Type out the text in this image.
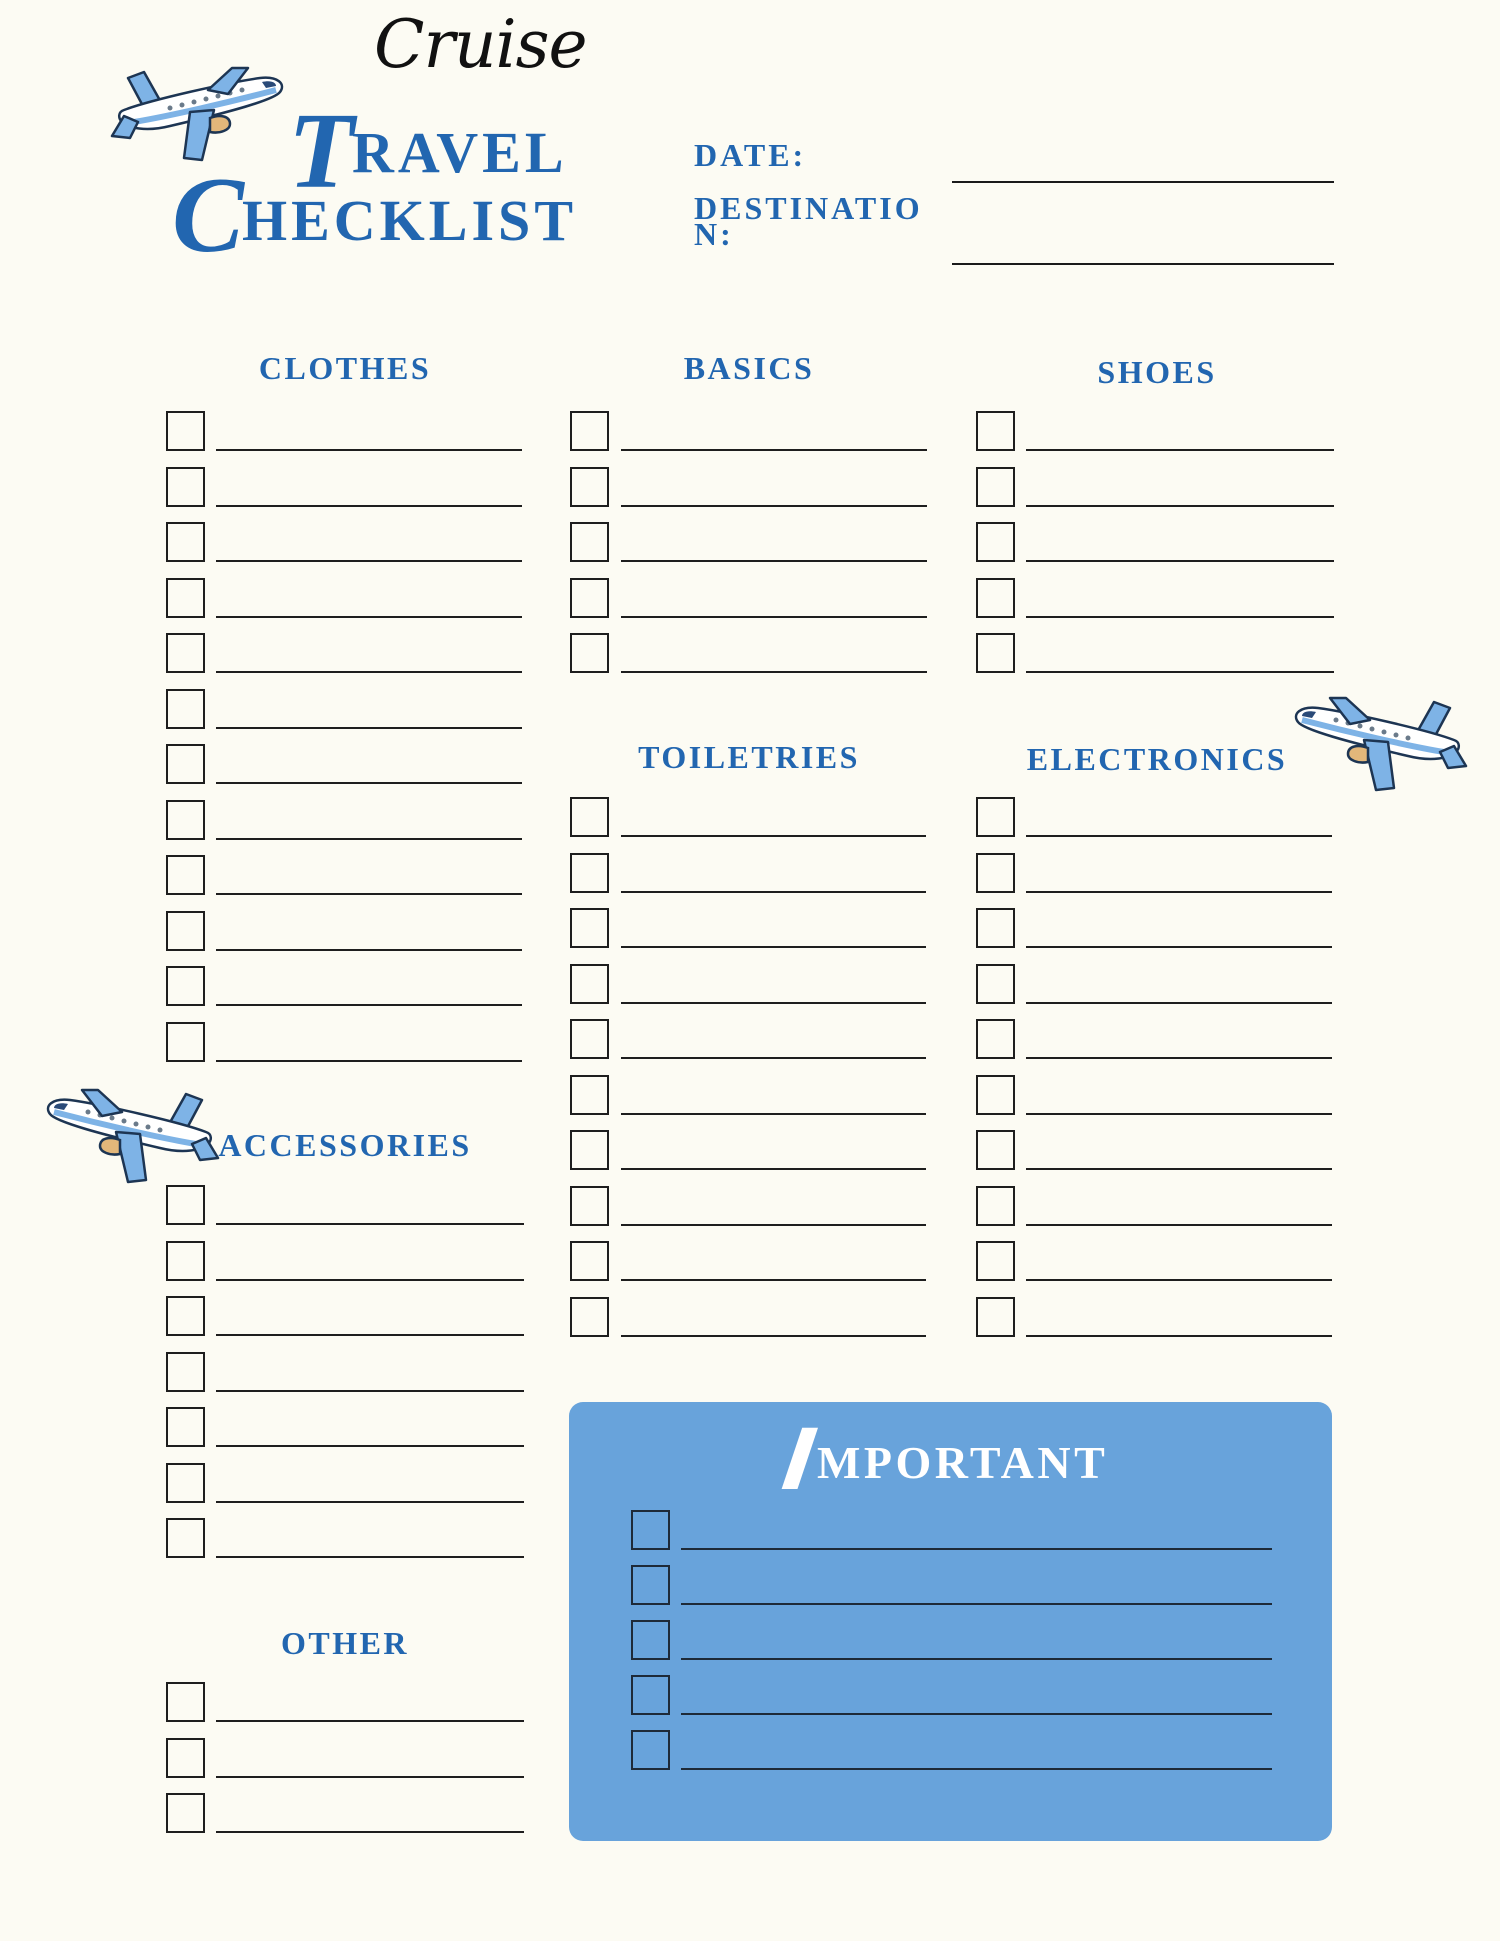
Cruise
T
RAVEL
C
HECKLIST
DATE:
DESTINATIO
N:
CLOTHES	BASICS	SHOES
TOILETRIES	ELECTRONICS
ACCESSORIES
OTHER
I
MPORTANT
